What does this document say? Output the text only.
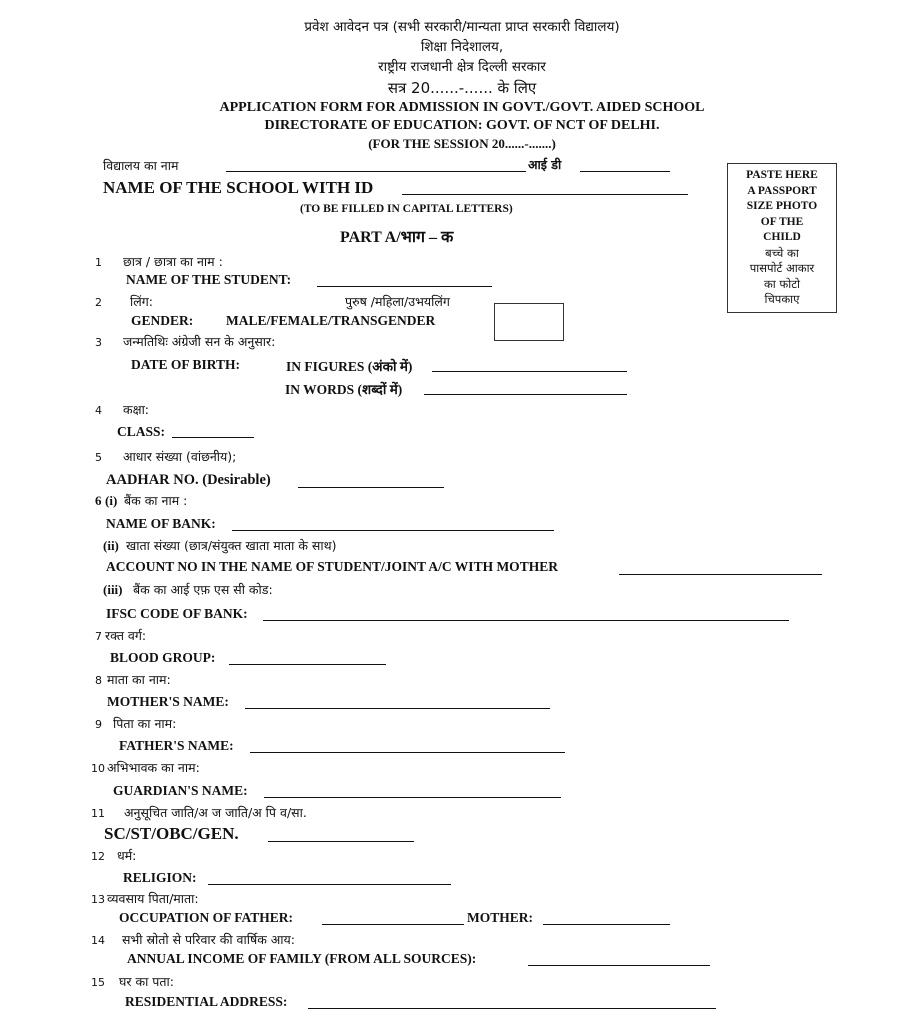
प्रवेश आवेदन पत्र (सभी सरकारी/मान्यता प्राप्त सरकारी विद्यालय)
शिक्षा निदेशालय,
राष्ट्रीय राजधानी क्षेत्र दिल्ली सरकार
सत्र 20......-...... के लिए
APPLICATION FORM FOR ADMISSION IN GOVT./GOVT. AIDED SCHOOL
DIRECTORATE OF EDUCATION: GOVT. OF NCT OF DELHI.
(FOR THE SESSION 20......-.......)
विद्यालय का नाम	आई डी
NAME OF THE SCHOOL WITH ID
(TO BE FILLED IN CAPITAL LETTERS)
PART A/भाग – क
PASTE HERE
A PASSPORT
SIZE PHOTO
OF THE
CHILD
बच्चे का
पासपोर्ट आकार
का फोटो
चिपकाए
1 छात्र / छात्रा का नाम :
NAME OF THE STUDENT:
2 लिंग:	पुरुष /महिला/उभयलिंग
GENDER: MALE/FEMALE/TRANSGENDER
3 जन्मतिथिः अंग्रेजी सन के अनुसार:
DATE OF BIRTH:	IN FIGURES (अंको में)
IN WORDS (शब्दों में)
4 कक्षा:
CLASS:
5 आधार संख्या (वांछनीय);
AADHAR NO. (Desirable)
6 (i) बैंक का नाम :
NAME OF BANK:
(ii) खाता संख्या (छात्र/संयुक्त खाता माता के साथ)
ACCOUNT NO IN THE NAME OF STUDENT/JOINT A/C WITH MOTHER
(iii) बैंक का आई एफ़ एस सी कोड:
IFSC CODE OF BANK:
7 रक्त वर्ग:
BLOOD GROUP:
8 माता का नाम:
MOTHER'S NAME:
9 पिता का नाम:
FATHER'S NAME:
10 अभिभावक का नाम:
GUARDIAN'S NAME:
11 अनुसूचित जाति/अ ज जाति/अ पि व/सा.
SC/ST/OBC/GEN.
12 धर्म:
RELIGION:
13 व्यवसाय पिता/माता:
OCCUPATION OF FATHER:	MOTHER:
14 सभी स्रोतो से परिवार की वार्षिक आय:
ANNUAL INCOME OF FAMILY (FROM ALL SOURCES):
15 घर का पता:
RESIDENTIAL ADDRESS:
